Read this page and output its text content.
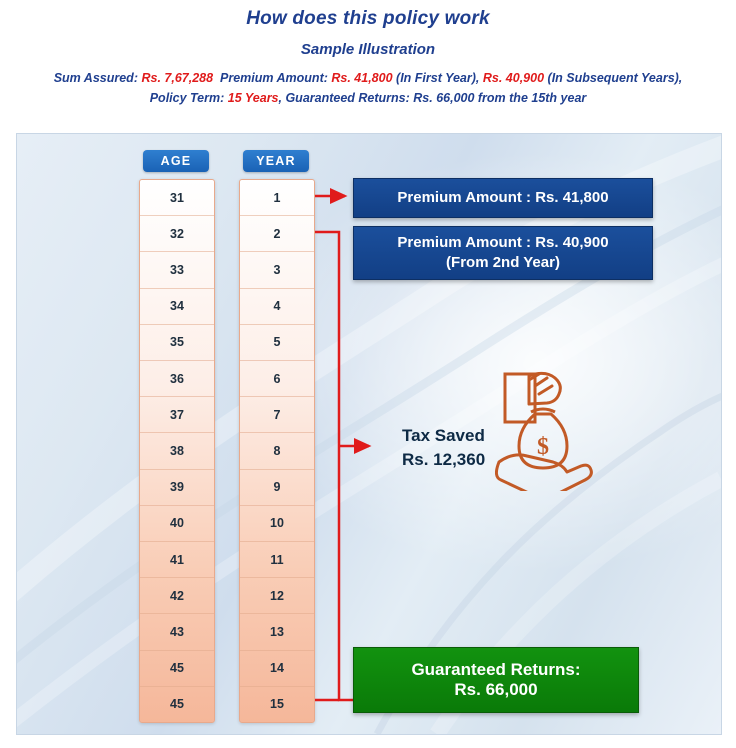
How does this policy work
Sample Illustration
Sum Assured: Rs. 7,67,288 Premium Amount: Rs. 41,800 (In First Year), Rs. 40,900 (In Subsequent Years),
Policy Term: 15 Years, Guaranteed Returns: Rs. 66,000 from the 15th year
AGE	YEAR
31
32
33
34
35
36
37
38
39
40
41
42
43
45
45
1
2
3
4
5
6
7
8
9
10
11
12
13
14
15
Premium Amount : Rs. 41,800
Premium Amount : Rs. 40,900
(From 2nd Year)
Tax Saved
Rs. 12,360
Guaranteed Returns:
Rs. 66,000
$
